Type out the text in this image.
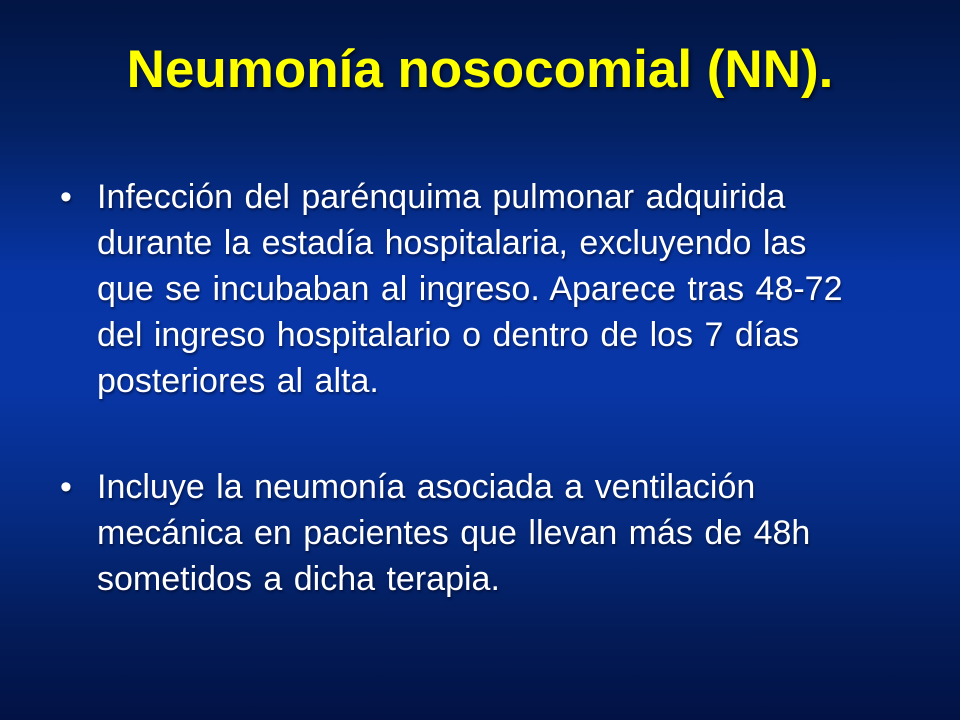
Neumonía nosocomial (NN).
• Infección del parénquima pulmonar adquirida
durante la estadía hospitalaria, excluyendo las
que se incubaban al ingreso. Aparece tras 48-72
del ingreso hospitalario o dentro de los 7 días
posteriores al alta.
• Incluye la neumonía asociada a ventilación
mecánica en pacientes que llevan más de 48h
sometidos a dicha terapia.
